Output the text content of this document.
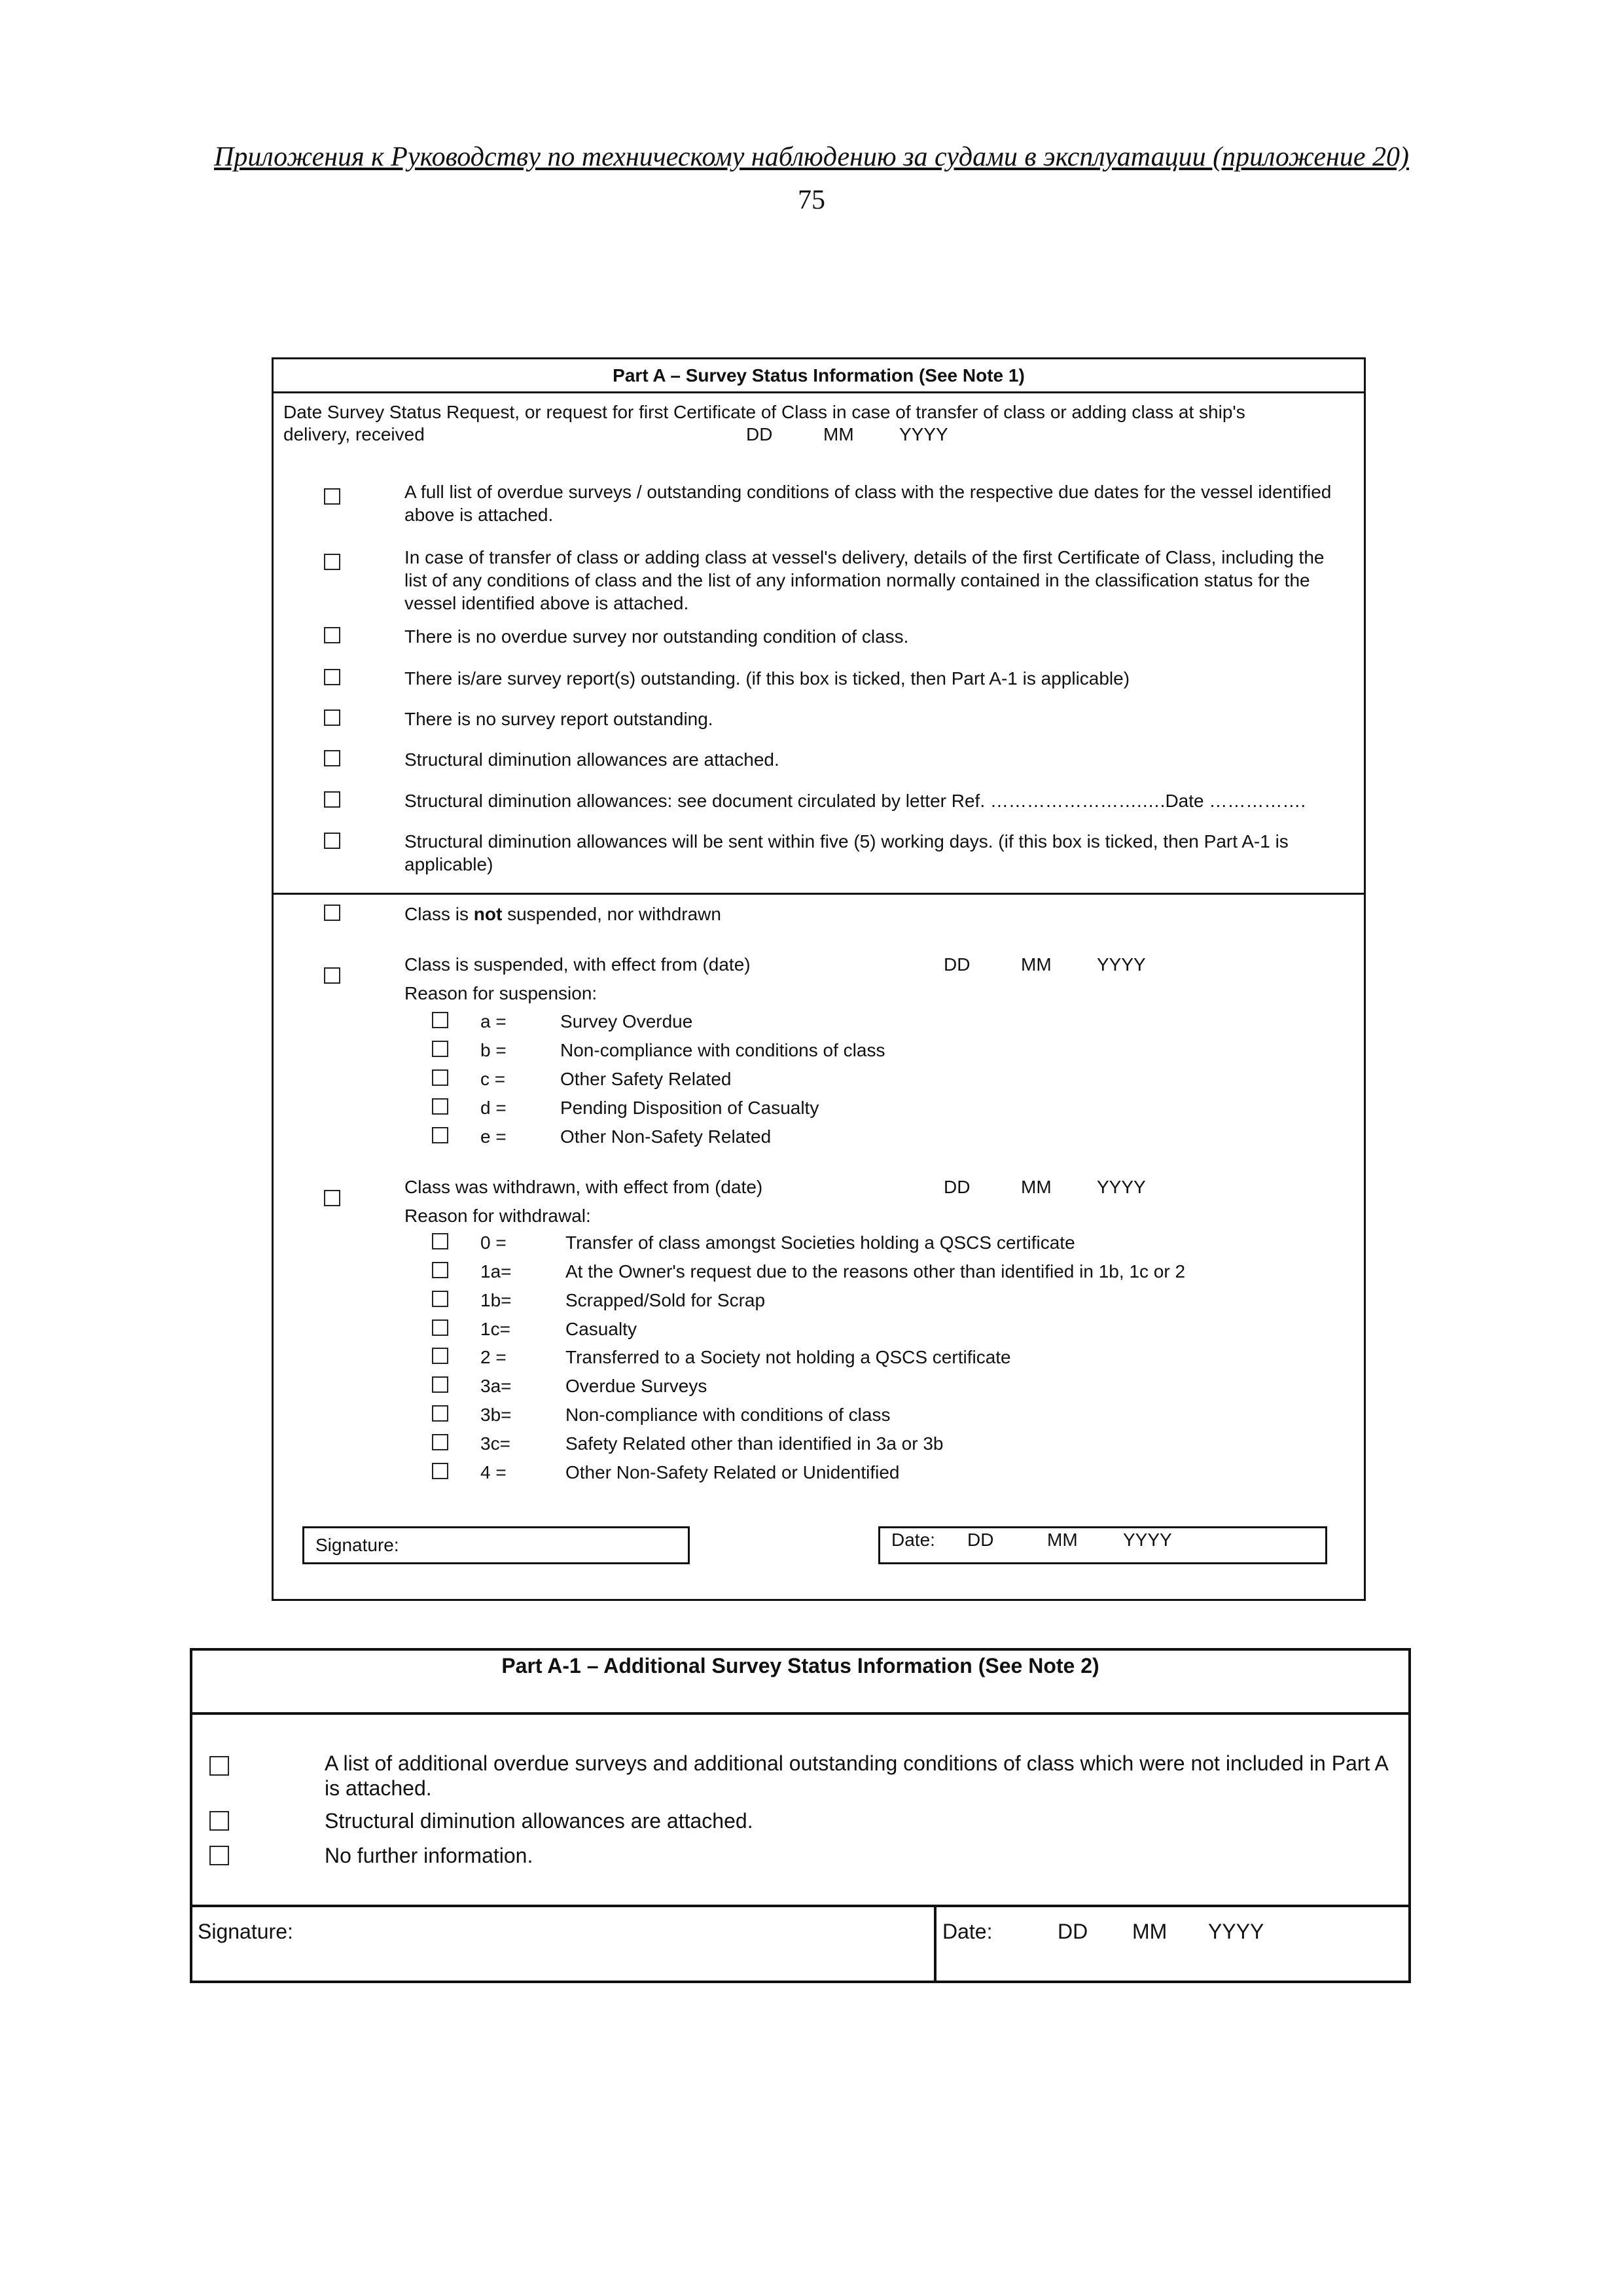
Приложения к Руководству по техническому наблюдению за судами в эксплуатации (приложение 20)
75
Part A – Survey Status Information (See Note 1)
Date Survey Status Request, or request for first Certificate of Class in case of transfer of class or adding class at ship's
delivery, received	DD	MM YYYY
A full list of overdue surveys / outstanding conditions of class with the respective due dates for the vessel identified above is attached.
In case of transfer of class or adding class at vessel's delivery, details of the first Certificate of Class, including the list of any conditions of class and the list of any information normally contained in the classification status for the vessel identified above is attached.
There is no overdue survey nor outstanding condition of class.
There is/are survey report(s) outstanding. (if this box is ticked, then Part A-1 is applicable)
There is no survey report outstanding.
Structural diminution allowances are attached.
Structural diminution allowances: see document circulated by letter Ref. …………………….….Date …………….
Structural diminution allowances will be sent within five (5) working days. (if this box is ticked, then Part A-1 is applicable)
Class is not suspended, nor withdrawn
Class is suspended, with effect from (date)	DD	MM YYYY
Reason for suspension:
a =	Survey Overdue
b =	Non-compliance with conditions of class
c =	Other Safety Related
d =	Pending Disposition of Casualty
e =	Other Non-Safety Related
Class was withdrawn, with effect from (date)	DD	MM YYYY
Reason for withdrawal:
0 =	Transfer of class amongst Societies holding a QSCS certificate
1a=	At the Owner's request due to the reasons other than identified in 1b, 1c or 2
1b=	Scrapped/Sold for Scrap
1c=	Casualty
2 =	Transferred to a Society not holding a QSCS certificate
3a=	Overdue Surveys
3b=	Non-compliance with conditions of class
3c=	Safety Related other than identified in 3a or 3b
4 =	Other Non-Safety Related or Unidentified
Signature:	Date: DD	MM YYYY
Part A-1 – Additional Survey Status Information (See Note 2)
A list of additional overdue surveys and additional outstanding conditions of class which were not included in Part A is attached.
Structural diminution allowances are attached.
No further information.
Signature:	Date:	DD MM YYYY
